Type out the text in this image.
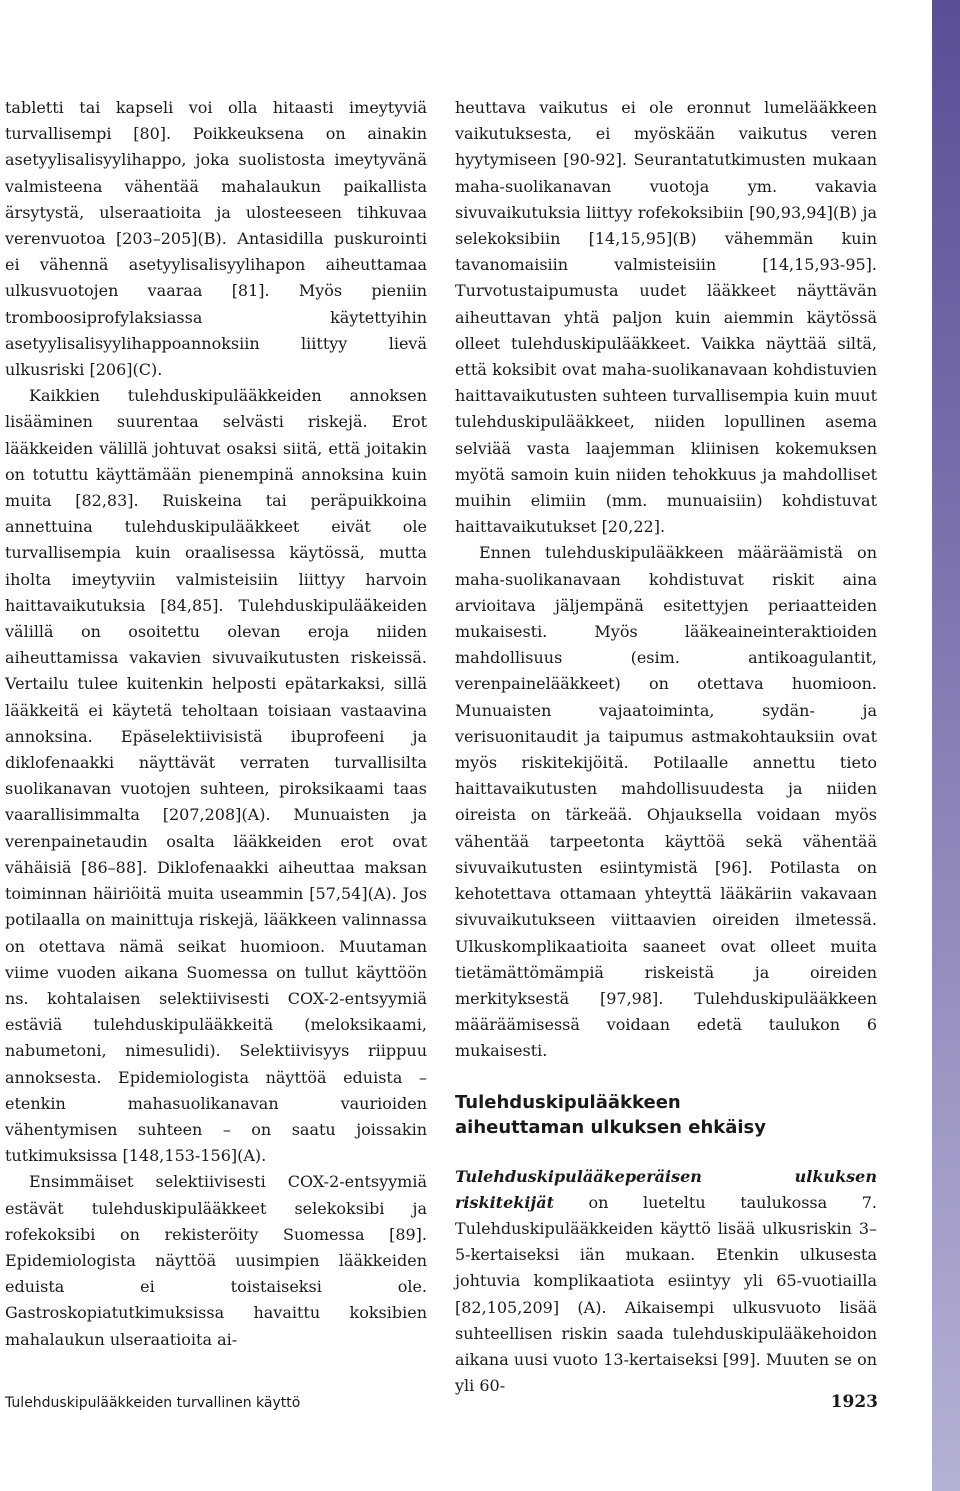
tabletti tai kapseli voi olla hitaasti imeytyviä turvallisempi [80]. Poikkeuksena on ainakin asetyylisalisyylihappo, joka suolistosta imeytyvänä valmisteena vähentää mahalaukun paikallista ärsytystä, ulseraatioita ja ulosteeseen tihkuvaa verenvuotoa [203–205](B). Antasidilla puskurointi ei vähennä asetyylisalisyylihapon aiheuttamaa ulkusvuotojen vaaraa [81]. Myös pieniin tromboosiprofylaksiassa käytettyihin asetyylisalisyylihappoannoksiin liittyy lievä ulkusriski [206](C).

Kaikkien tulehduskipulääkkeiden annoksen lisääminen suurentaa selvästi riskejä. Erot lääkkeiden välillä johtuvat osaksi siitä, että joitakin on totuttu käyttämään pienempinä annoksina kuin muita [82,83]. Ruiskeina tai peräpuikkoina annettuina tulehduskipulääkkeet eivät ole turvallisempia kuin oraalisessa käytössä, mutta iholta imeytyviin valmisteisiin liittyy harvoin haittavaikutuksia [84,85]. Tulehduskipulääkeiden välillä on osoitettu olevan eroja niiden aiheuttamissa vakavien sivuvaikutusten riskeissä. Vertailu tulee kuitenkin helposti epätarkaksi, sillä lääkkeitä ei käytetä teholtaan toisiaan vastaavina annoksina. Epäselektiivisistä ibuprofeeni ja diklofenaakki näyttävät verraten turvallisilta suolikanavan vuotojen suhteen, piroksikaami taas vaarallisimmalta [207,208](A). Munuaisten ja verenpainetaudin osalta lääkkeiden erot ovat vähäisiä [86–88]. Diklofenaakki aiheuttaa maksan toiminnan häiriöitä muita useammin [57,54](A). Jos potilaalla on mainittuja riskejä, lääkkeen valinnassa on otettava nämä seikat huomioon. Muutaman viime vuoden aikana Suomessa on tullut käyttöön ns. kohtalaisen selektiivisesti COX-2-entsyymiä estäviä tulehduskipulääkkeitä (meloksikaami, nabumetoni, nimesulidi). Selektiivisyys riippuu annoksesta. Epidemiologista näyttöä eduista – etenkin mahasuolikanavan vaurioiden vähentymisen suhteen – on saatu joissakin tutkimuksissa [148,153-156](A).

Ensimmäiset selektiivisesti COX-2-entsyymiä estävät tulehduskipulääkkeet selekoksibi ja rofekoksibi on rekisteröity Suomessa [89]. Epidemiologista näyttöä uusimpien lääkkeiden eduista ei toistaiseksi ole. Gastroskopiatutkimuksissa havaittu koksibien mahalaukun ulseraatioita ai-

heuttava vaikutus ei ole eronnut lumelääkkeen vaikutuksesta, ei myöskään vaikutus veren hyytymiseen [90-92]. Seurantatutkimusten mukaan maha-suolikanavan vuotoja ym. vakavia sivuvaikutuksia liittyy rofekoksibiin [90,93,94](B) ja selekoksibiin [14,15,95](B) vähemmän kuin tavanomaisiin valmisteisiin [14,15,93-95]. Turvotustaipumusta uudet lääkkeet näyttävän aiheuttavan yhtä paljon kuin aiemmin käytössä olleet tulehduskipulääkkeet. Vaikka näyttää siltä, että koksibit ovat maha-suolikanavaan kohdistuvien haittavaikutusten suhteen turvallisempia kuin muut tulehduskipulääkkeet, niiden lopullinen asema selviää vasta laajemman kliinisen kokemuksen myötä samoin kuin niiden tehokkuus ja mahdolliset muihin elimiin (mm. munuaisiin) kohdistuvat haittavaikutukset [20,22].

Ennen tulehduskipulääkkeen määräämistä on maha-suolikanavaan kohdistuvat riskit aina arvioitava jäljempänä esitettyjen periaatteiden mukaisesti. Myös lääkeaineinteraktioiden mahdollisuus (esim. antikoagulantit, verenpainelääkkeet) on otettava huomioon. Munuaisten vajaatoiminta, sydän- ja verisuonitaudit ja taipumus astmakohtauksiin ovat myös riskitekijöitä. Potilaalle annettu tieto haittavaikutusten mahdollisuudesta ja niiden oireista on tärkeää. Ohjauksella voidaan myös vähentää tarpeetonta käyttöä sekä vähentää sivuvaikutusten esiintymistä [96]. Potilasta on kehotettava ottamaan yhteyttä lääkäriin vakavaan sivuvaikutukseen viittaavien oireiden ilmetessä. Ulkuskomplikaatioita saaneet ovat olleet muita tietämättömämpiä riskeistä ja oireiden merkityksestä [97,98]. Tulehduskipulääkkeen määräämisessä voidaan edetä taulukon 6 mukaisesti.

Tulehduskipulääkkeen
aiheuttaman ulkuksen ehkäisy

Tulehduskipulääkeperäisen ulkuksen riskitekijät on lueteltu taulukossa 7. Tulehduskipulääkkeiden käyttö lisää ulkusriskin 3–5-kertaiseksi iän mukaan. Etenkin ulkusesta johtuvia komplikaatiota esiintyy yli 65-vuotiailla [82,105,209] (A). Aikaisempi ulkusvuoto lisää suhteellisen riskin saada tulehduskipulääkehoidon aikana uusi vuoto 13-kertaiseksi [99]. Muuten se on yli 60-

Tulehduskipulääkkeiden turvallinen käyttö	1923
